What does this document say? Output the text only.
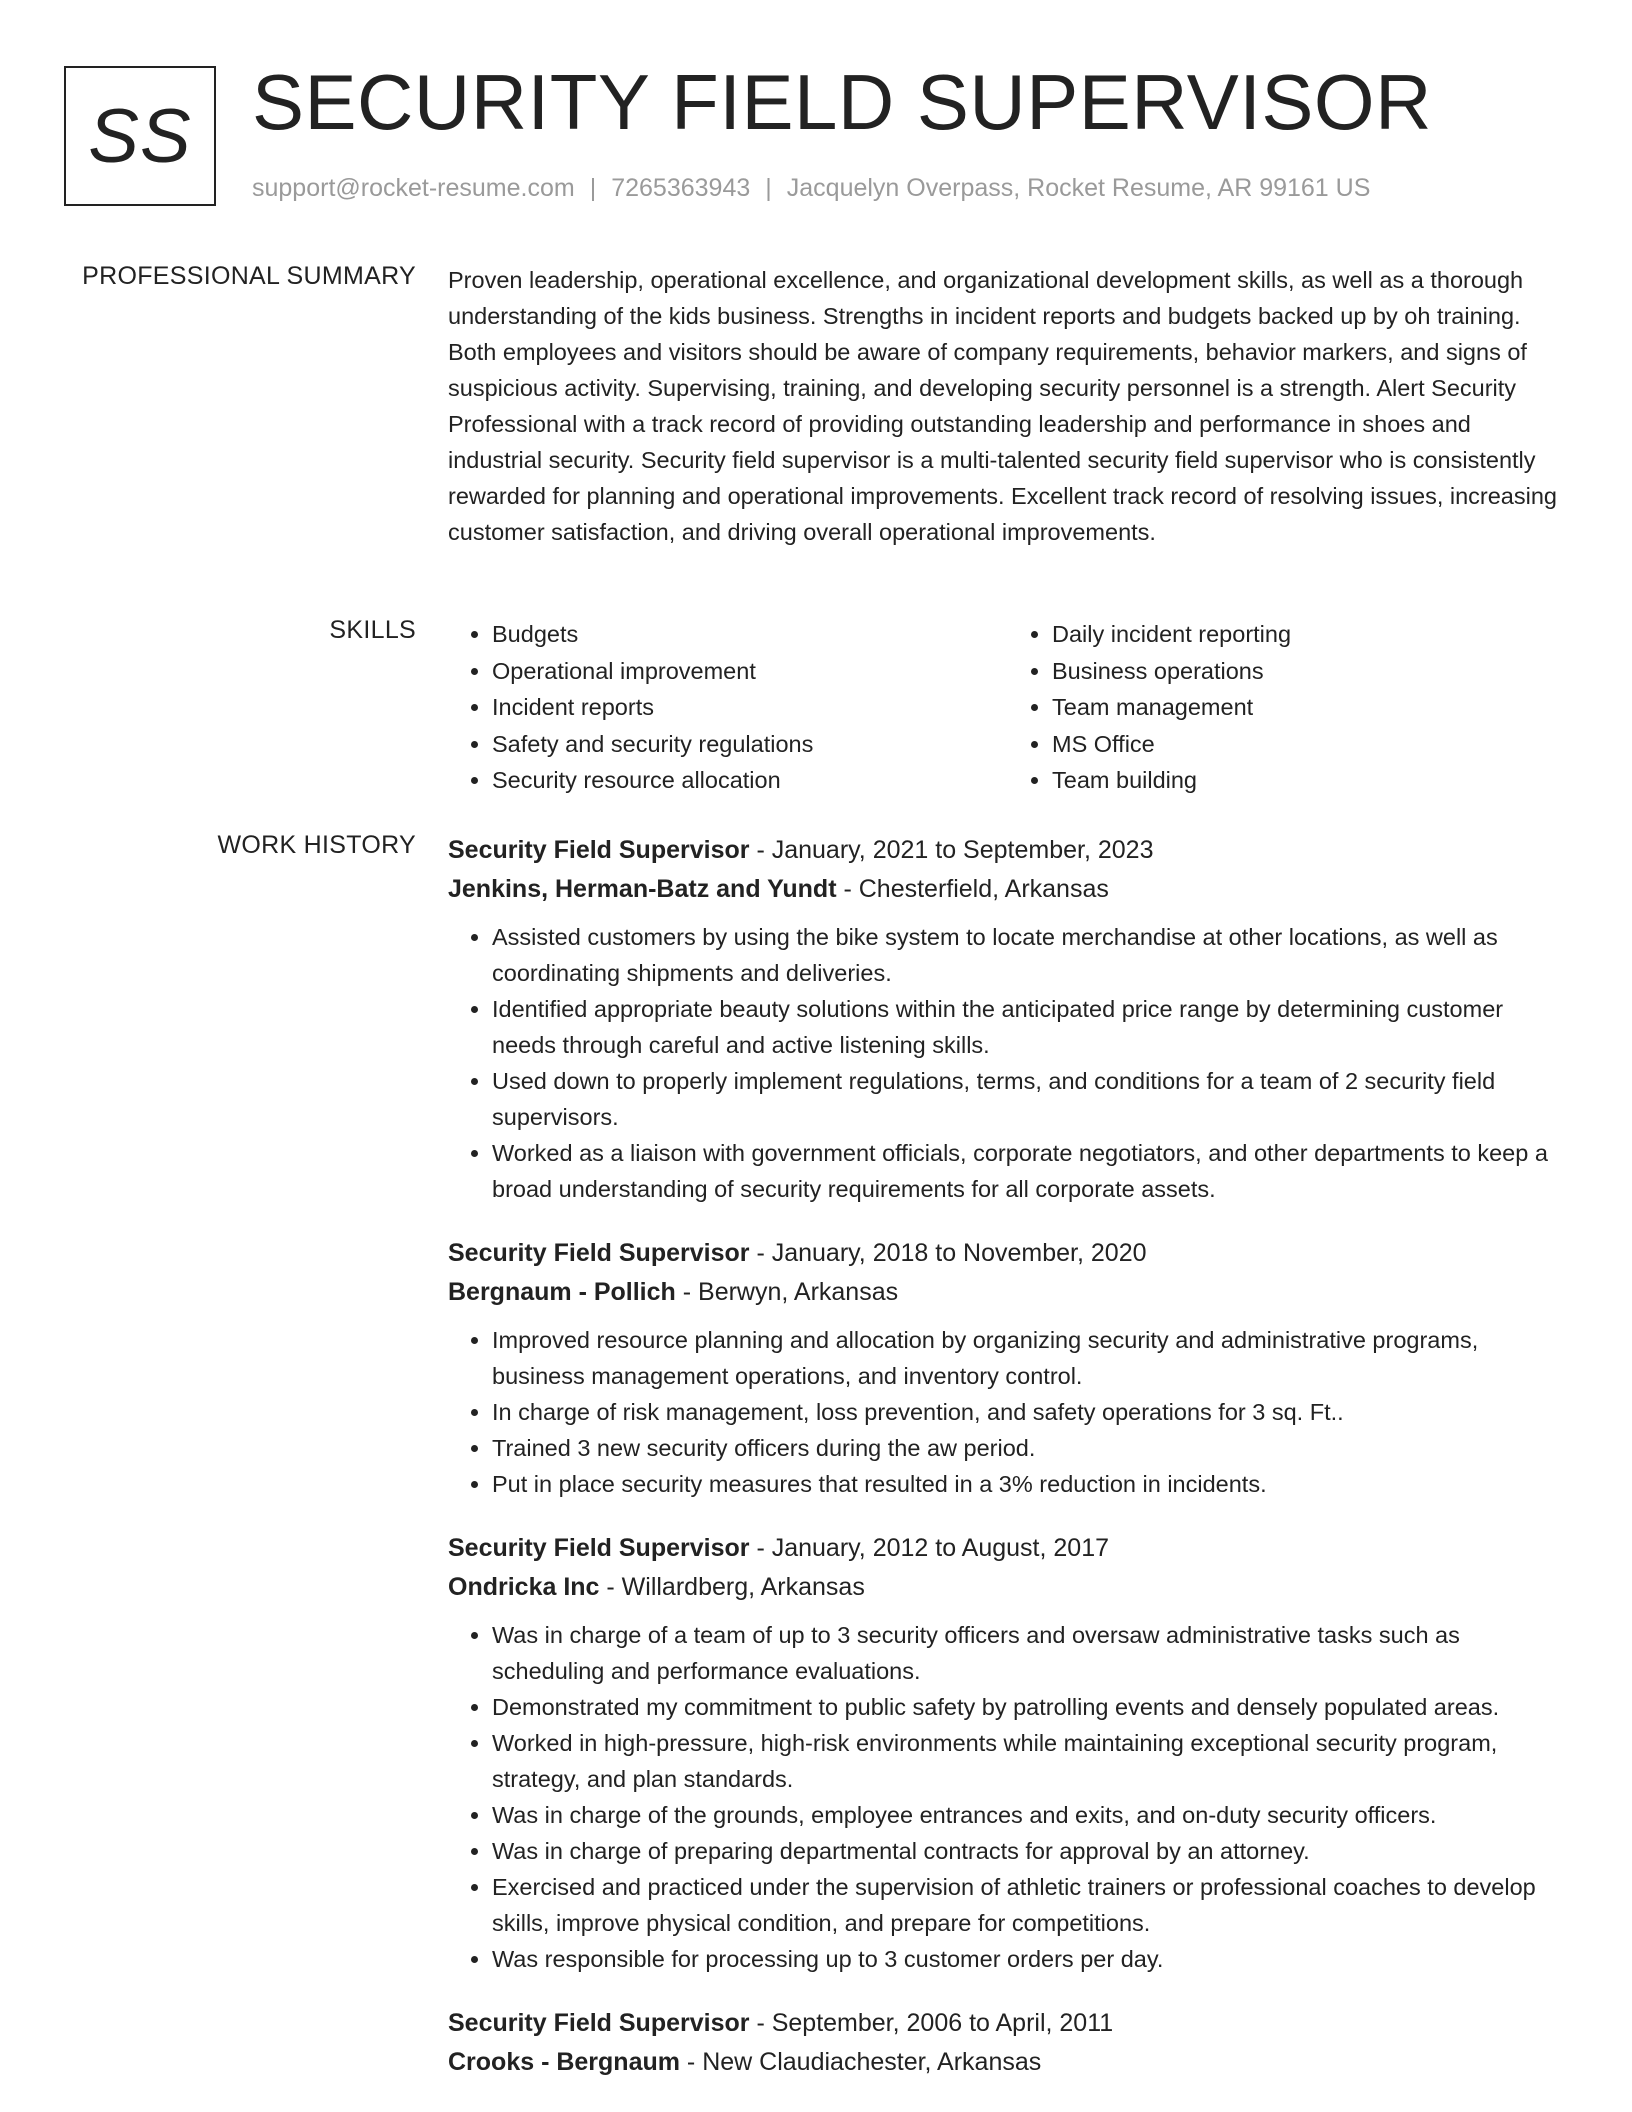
SS SECURITY FIELD SUPERVISOR
support@rocket-resume.com | 7265363943 | Jacquelyn Overpass, Rocket Resume, AR 99161 US
PROFESSIONAL SUMMARY Proven leadership, operational excellence, and organizational development skills, as well as a thorough understanding of the kids business. Strengths in incident reports and budgets backed up by oh training. Both employees and visitors should be aware of company requirements, behavior markers, and signs of suspicious activity. Supervising, training, and developing security personnel is a strength. Alert Security Professional with a track record of providing outstanding leadership and performance in shoes and industrial security. Security field supervisor is a multi-talented security field supervisor who is consistently rewarded for planning and operational improvements. Excellent track record of resolving issues, increasing customer satisfaction, and driving overall operational improvements.

SKILLS
•	Budgets
• Operational improvement
• Incident reports
• Safety and security regulations
• Security resource allocation
• Daily incident reporting
• Business operations
• Team management
• MS Office
• Team building
WORK HISTORY Security Field Supervisor - January, 2021 to September, 2023
Jenkins, Herman-Batz and Yundt - Chesterfield, Arkansas
• Assisted customers by using the bike system to locate merchandise at other locations, as well as coordinating shipments and deliveries.
• Identified appropriate beauty solutions within the anticipated price range by determining customer needs through careful and active listening skills.
• Used down to properly implement regulations, terms, and conditions for a team of 2 security field supervisors.
• Worked as a liaison with government officials, corporate negotiators, and other departments to keep a broad understanding of security requirements for all corporate assets.
Security Field Supervisor - January, 2018 to November, 2020
Bergnaum - Pollich - Berwyn, Arkansas
• Improved resource planning and allocation by organizing security and administrative programs, business management operations, and inventory control.
• In charge of risk management, loss prevention, and safety operations for 3 sq. Ft..
• Trained 3 new security officers during the aw period.
• Put in place security measures that resulted in a 3% reduction in incidents.
Security Field Supervisor - January, 2012 to August, 2017
Ondricka Inc - Willardberg, Arkansas
• Was in charge of a team of up to 3 security officers and oversaw administrative tasks such as scheduling and performance evaluations.
• Demonstrated my commitment to public safety by patrolling events and densely populated areas.
• Worked in high-pressure, high-risk environments while maintaining exceptional security program, strategy, and plan standards.
• Was in charge of the grounds, employee entrances and exits, and on-duty security officers.
• Was in charge of preparing departmental contracts for approval by an attorney.
• Exercised and practiced under the supervision of athletic trainers or professional coaches to develop skills, improve physical condition, and prepare for competitions.
• Was responsible for processing up to 3 customer orders per day.
Security Field Supervisor - September, 2006 to April, 2011
Crooks - Bergnaum - New Claudiachester, Arkansas
